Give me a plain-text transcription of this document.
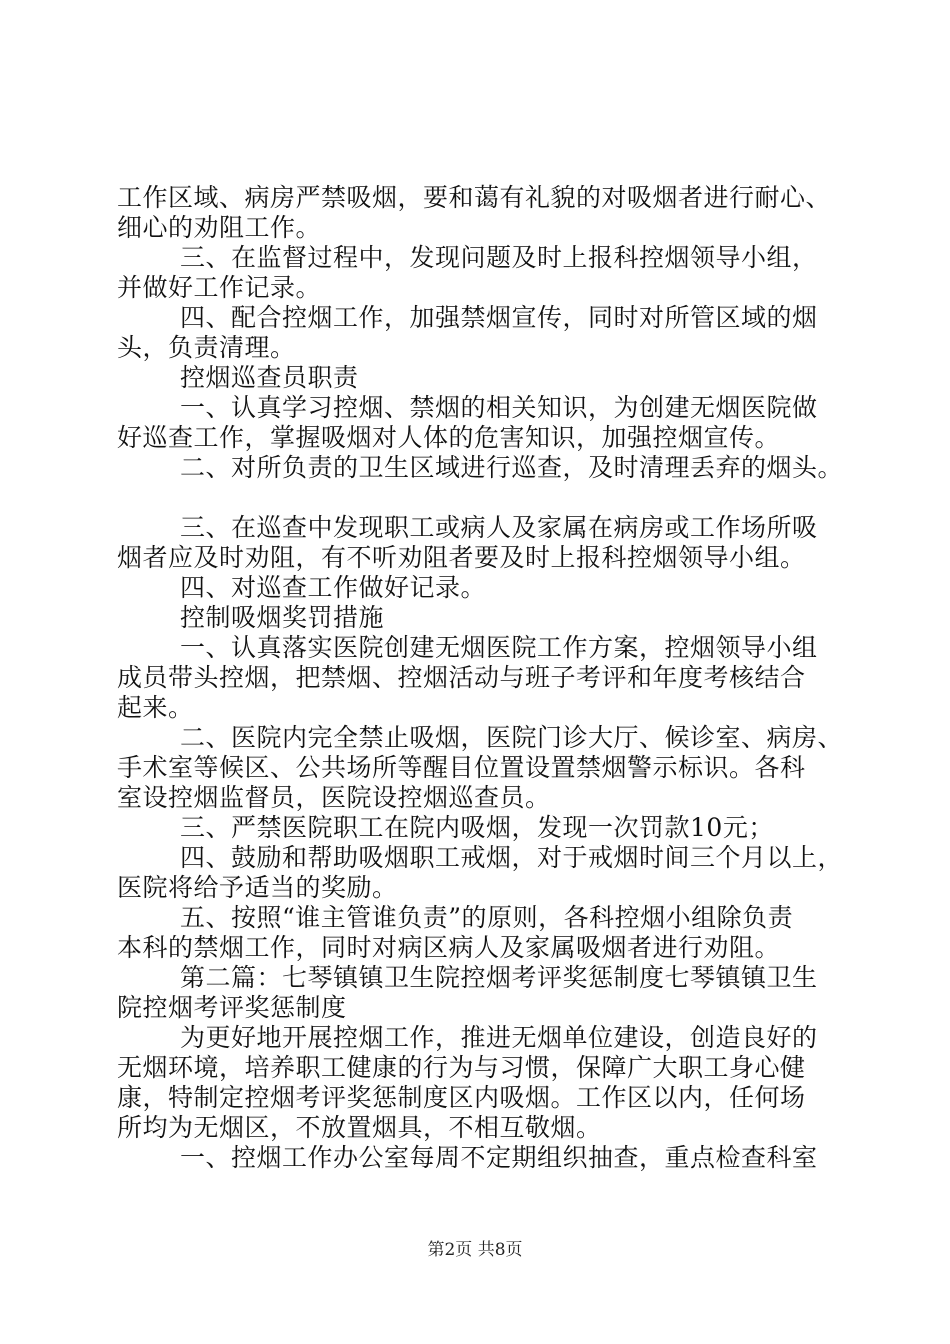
工作区域、病房严禁吸烟，要和蔼有礼貌的对吸烟者进行耐心、
细心的劝阻工作。
三、在监督过程中，发现问题及时上报科控烟领导小组，
并做好工作记录。
四、配合控烟工作，加强禁烟宣传，同时对所管区域的烟
头，负责清理。
控烟巡查员职责
一、认真学习控烟、禁烟的相关知识，为创建无烟医院做
好巡查工作，掌握吸烟对人体的危害知识，加强控烟宣传。
二、对所负责的卫生区域进行巡查，及时清理丢弃的烟头。
三、在巡查中发现职工或病人及家属在病房或工作场所吸
烟者应及时劝阻，有不听劝阻者要及时上报科控烟领导小组。
四、对巡查工作做好记录。
控制吸烟奖罚措施
一、认真落实医院创建无烟医院工作方案，控烟领导小组
成员带头控烟，把禁烟、控烟活动与班子考评和年度考核结合
起来。
二、医院内完全禁止吸烟，医院门诊大厅、候诊室、病房、
手术室等候区、公共场所等醒目位置设置禁烟警示标识。各科
室设控烟监督员，医院设控烟巡查员。
三、严禁医院职工在院内吸烟，发现一次罚款10元；
四、鼓励和帮助吸烟职工戒烟，对于戒烟时间三个月以上，
医院将给予适当的奖励。
五、按照“谁主管谁负责”的原则，各科控烟小组除负责
本科的禁烟工作，同时对病区病人及家属吸烟者进行劝阻。
第二篇：七琴镇镇卫生院控烟考评奖惩制度七琴镇镇卫生
院控烟考评奖惩制度
为更好地开展控烟工作，推进无烟单位建设，创造良好的
无烟环境，培养职工健康的行为与习惯，保障广大职工身心健
康，特制定控烟考评奖惩制度区内吸烟。工作区以内，任何场
所均为无烟区，不放置烟具，不相互敬烟。
一、控烟工作办公室每周不定期组织抽查，重点检查科室
第2页 共8页
